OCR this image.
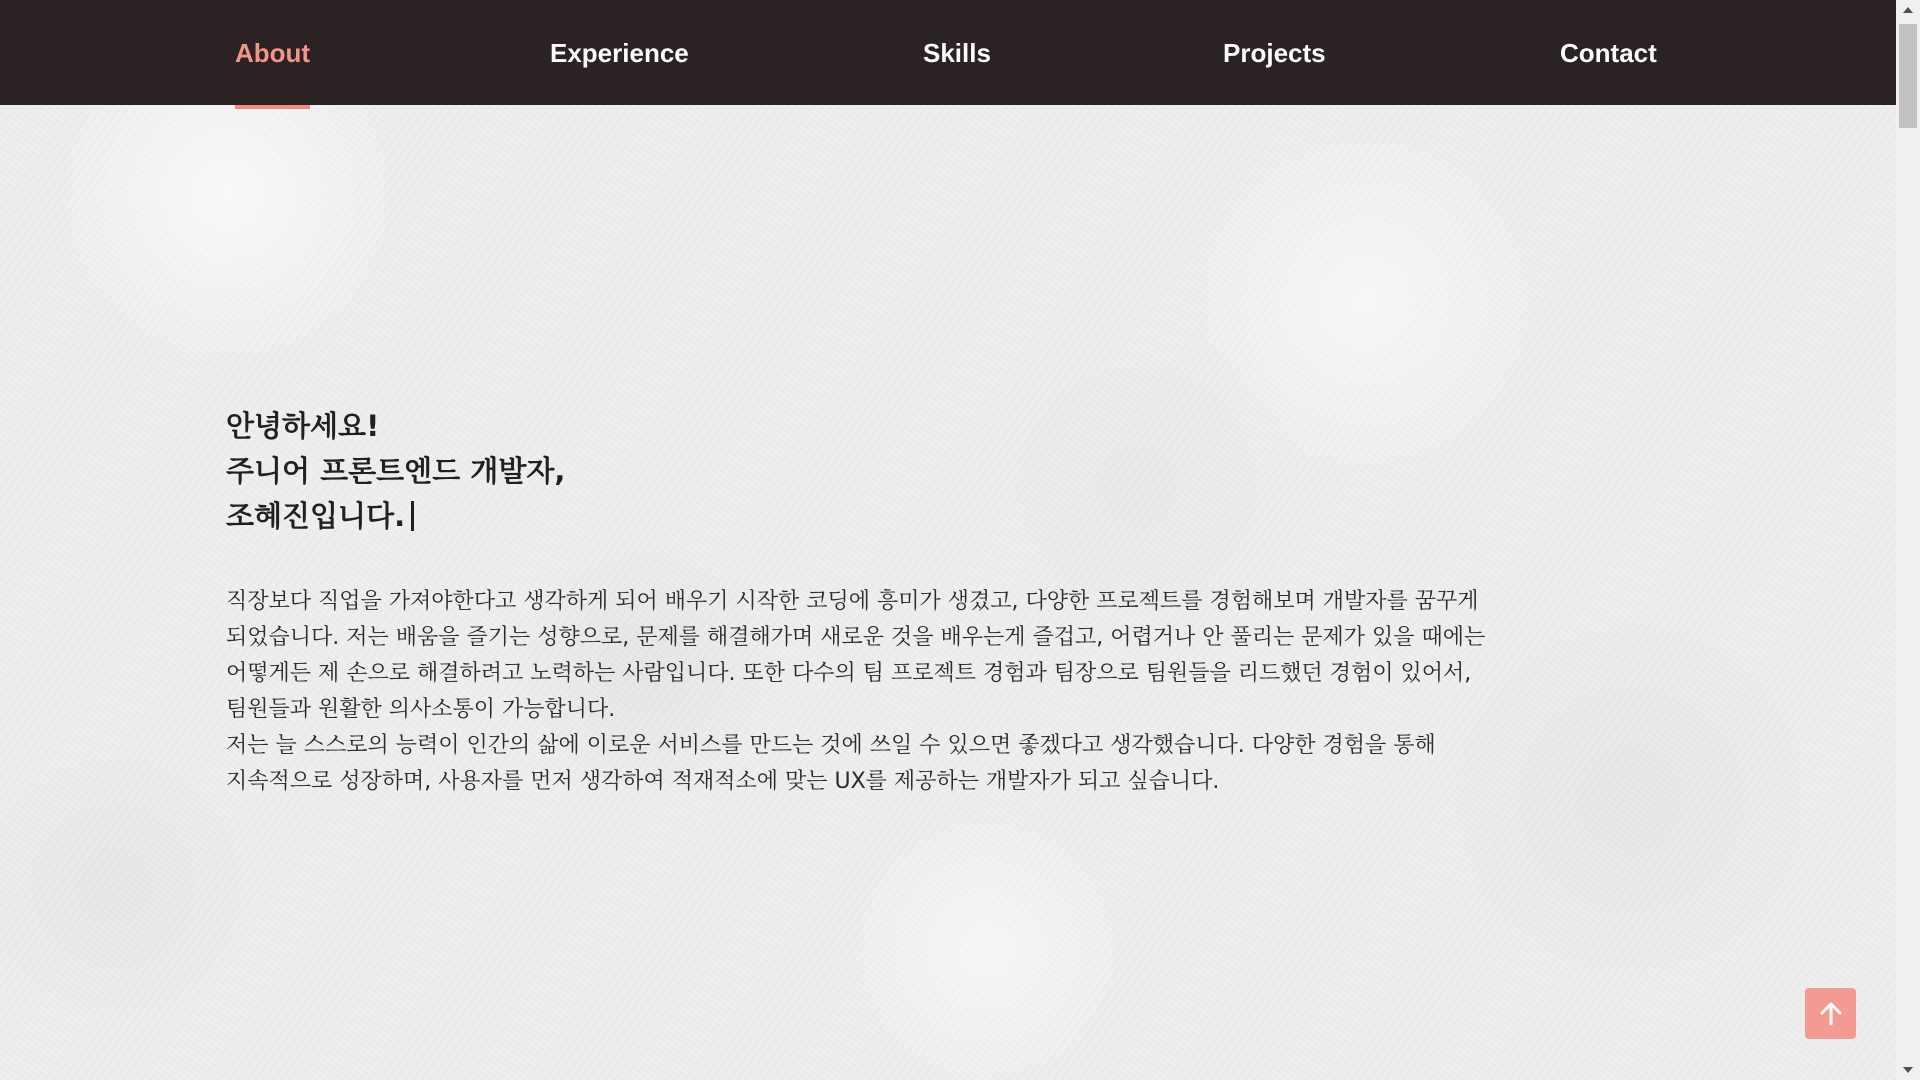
About	Experience	Skills	Projects	Contact
안녕하세요!
주니어 프론트엔드 개발자,
조혜진입니다.

직장보다 직업을 가져야한다고 생각하게 되어 배우기 시작한 코딩에 흥미가 생겼고, 다양한 프로젝트를 경험해보며 개발자를 꿈꾸게

되었습니다. 저는 배움을 즐기는 성향으로, 문제를 해결해가며 새로운 것을 배우는게 즐겁고, 어렵거나 안 풀리는 문제가 있을 때에는

어떻게든 제 손으로 해결하려고 노력하는 사람입니다. 또한 다수의 팀 프로젝트 경험과 팀장으로 팀원들을 리드했던 경험이 있어서,

팀원들과 원활한 의사소통이 가능합니다.

저는 늘 스스로의 능력이 인간의 삶에 이로운 서비스를 만드는 것에 쓰일 수 있으면 좋겠다고 생각했습니다. 다양한 경험을 통해

지속적으로 성장하며, 사용자를 먼저 생각하여 적재적소에 맞는 UX를 제공하는 개발자가 되고 싶습니다.
